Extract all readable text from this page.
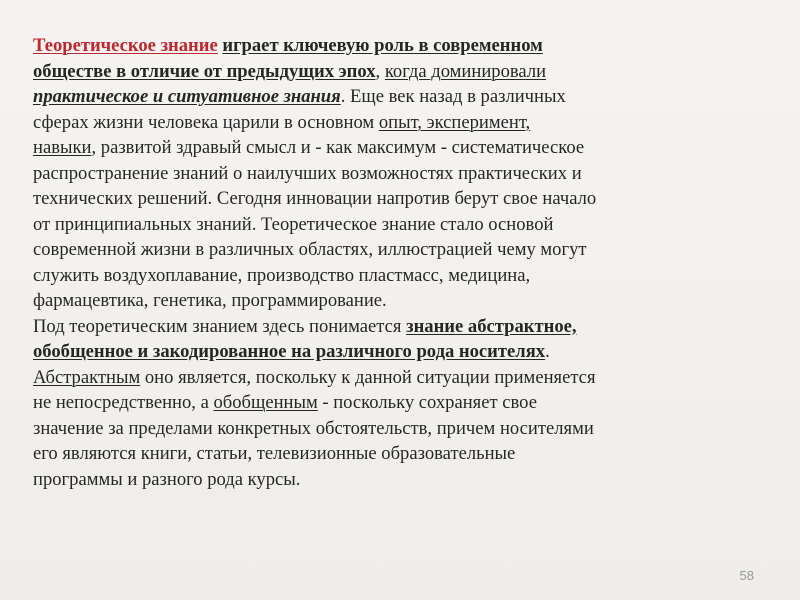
Теоретическое знание играет ключевую роль в современном
обществе в отличие от предыдущих эпох, когда доминировали
практическое и ситуативное знания. Еще век назад в различных
сферах жизни человека царили в основном опыт, эксперимент,
навыки, развитой здравый смысл и - как максимум - систематическое
распространение знаний о наилучших возможностях практических и
технических решений. Сегодня инновации напротив берут свое начало
от принципиальных знаний. Теоретическое знание стало основой
современной жизни в различных областях, иллюстрацией чему могут
служить воздухоплавание, производство пластмасс, медицина,
фармацевтика, генетика, программирование.
Под теоретическим знанием здесь понимается знание абстрактное,
обобщенное и закодированное на различного рода носителях.
Абстрактным оно является, поскольку к данной ситуации применяется
не непосредственно, а обобщенным - поскольку сохраняет свое
значение за пределами конкретных обстоятельств, причем носителями
его являются книги, статьи, телевизионные образовательные
программы и разного рода курсы.
58
